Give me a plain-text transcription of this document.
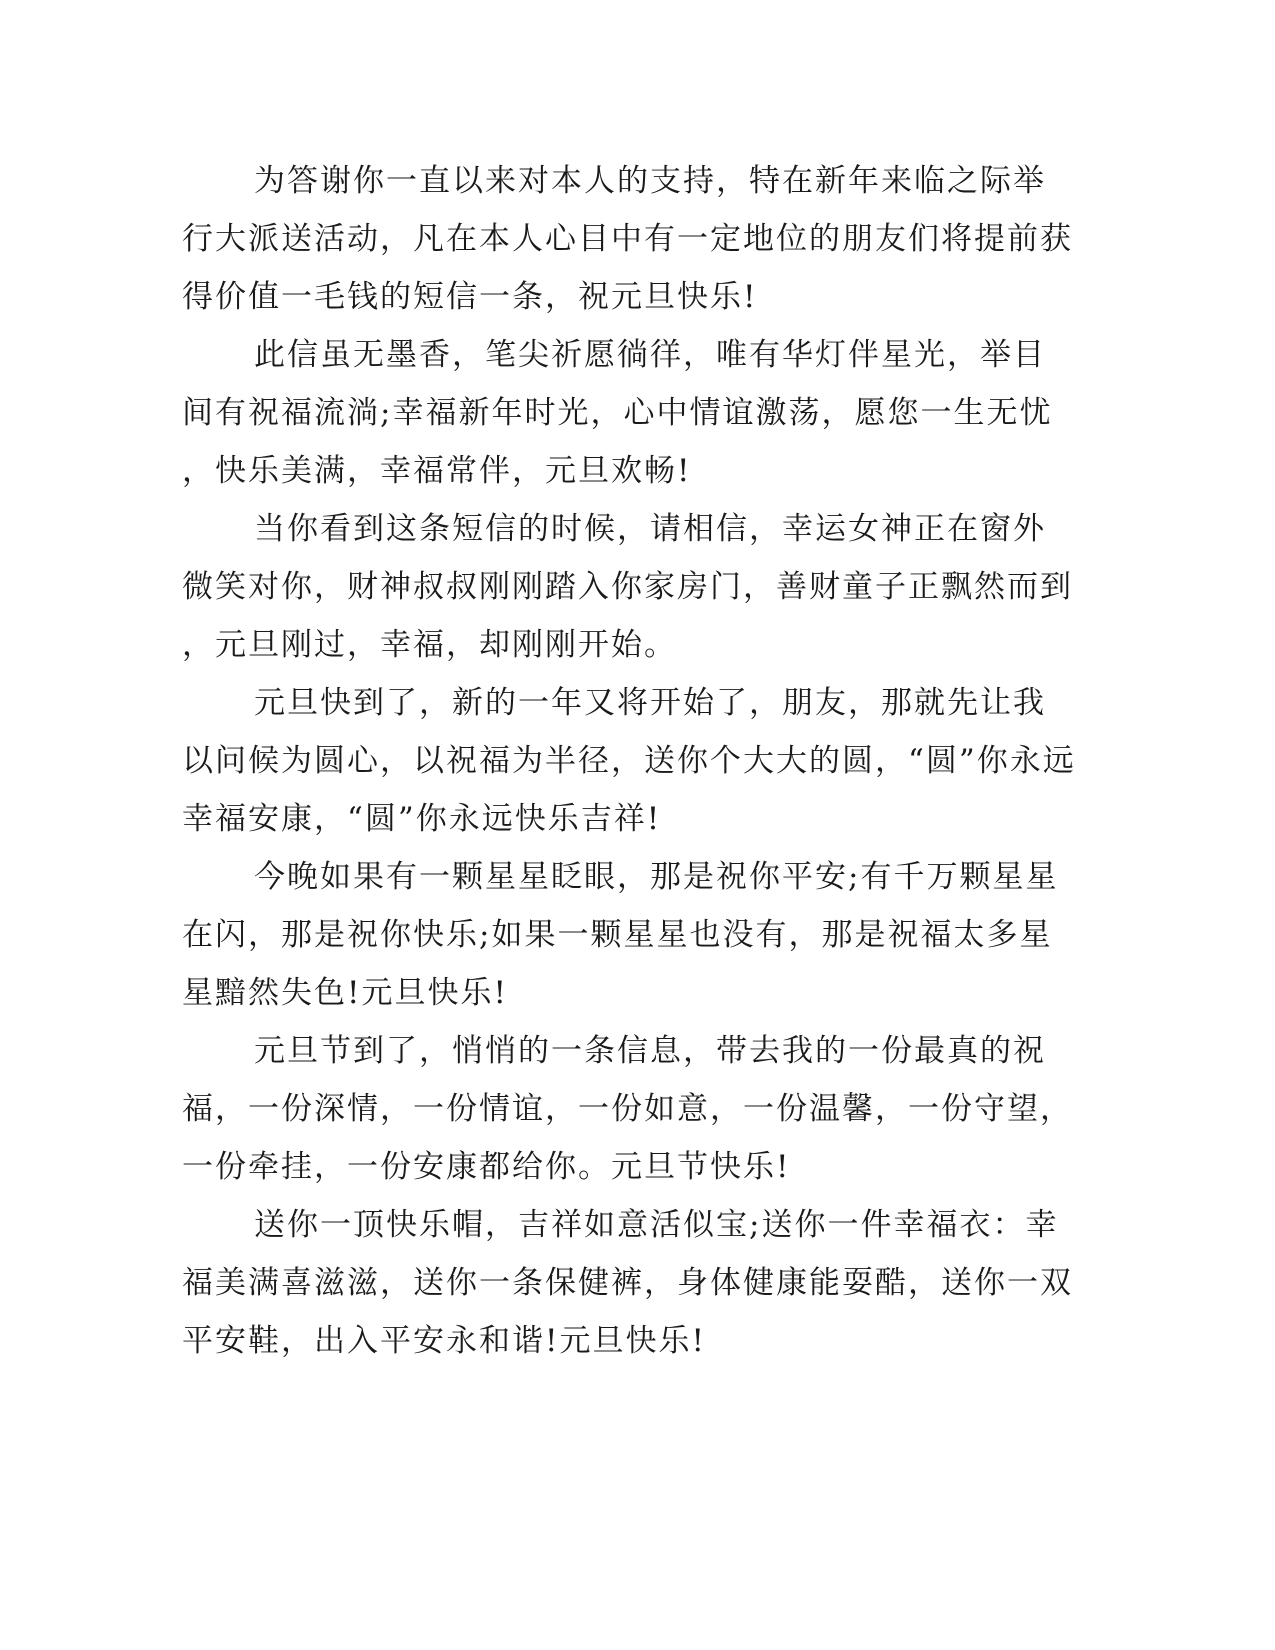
为答谢你一直以来对本人的支持，特在新年来临之际举
行大派送活动，凡在本人心目中有一定地位的朋友们将提前获
得价值一毛钱的短信一条，祝元旦快乐!

此信虽无墨香，笔尖祈愿徜徉，唯有华灯伴星光，举目
间有祝福流淌;幸福新年时光，心中情谊激荡，愿您一生无忧
，快乐美满，幸福常伴，元旦欢畅!

当你看到这条短信的时候，请相信，幸运女神正在窗外
微笑对你，财神叔叔刚刚踏入你家房门，善财童子正飘然而到
，元旦刚过，幸福，却刚刚开始。

元旦快到了，新的一年又将开始了，朋友，那就先让我
以问候为圆心，以祝福为半径，送你个大大的圆，“圆”你永远
幸福安康，“圆”你永远快乐吉祥!

今晚如果有一颗星星眨眼，那是祝你平安;有千万颗星星
在闪，那是祝你快乐;如果一颗星星也没有，那是祝福太多星
星黯然失色!元旦快乐!

元旦节到了，悄悄的一条信息，带去我的一份最真的祝
福，一份深情，一份情谊，一份如意，一份温馨，一份守望，
一份牵挂，一份安康都给你。元旦节快乐!

送你一顶快乐帽，吉祥如意活似宝;送你一件幸福衣：幸
福美满喜滋滋，送你一条保健裤，身体健康能耍酷，送你一双
平安鞋，出入平安永和谐!元旦快乐!
